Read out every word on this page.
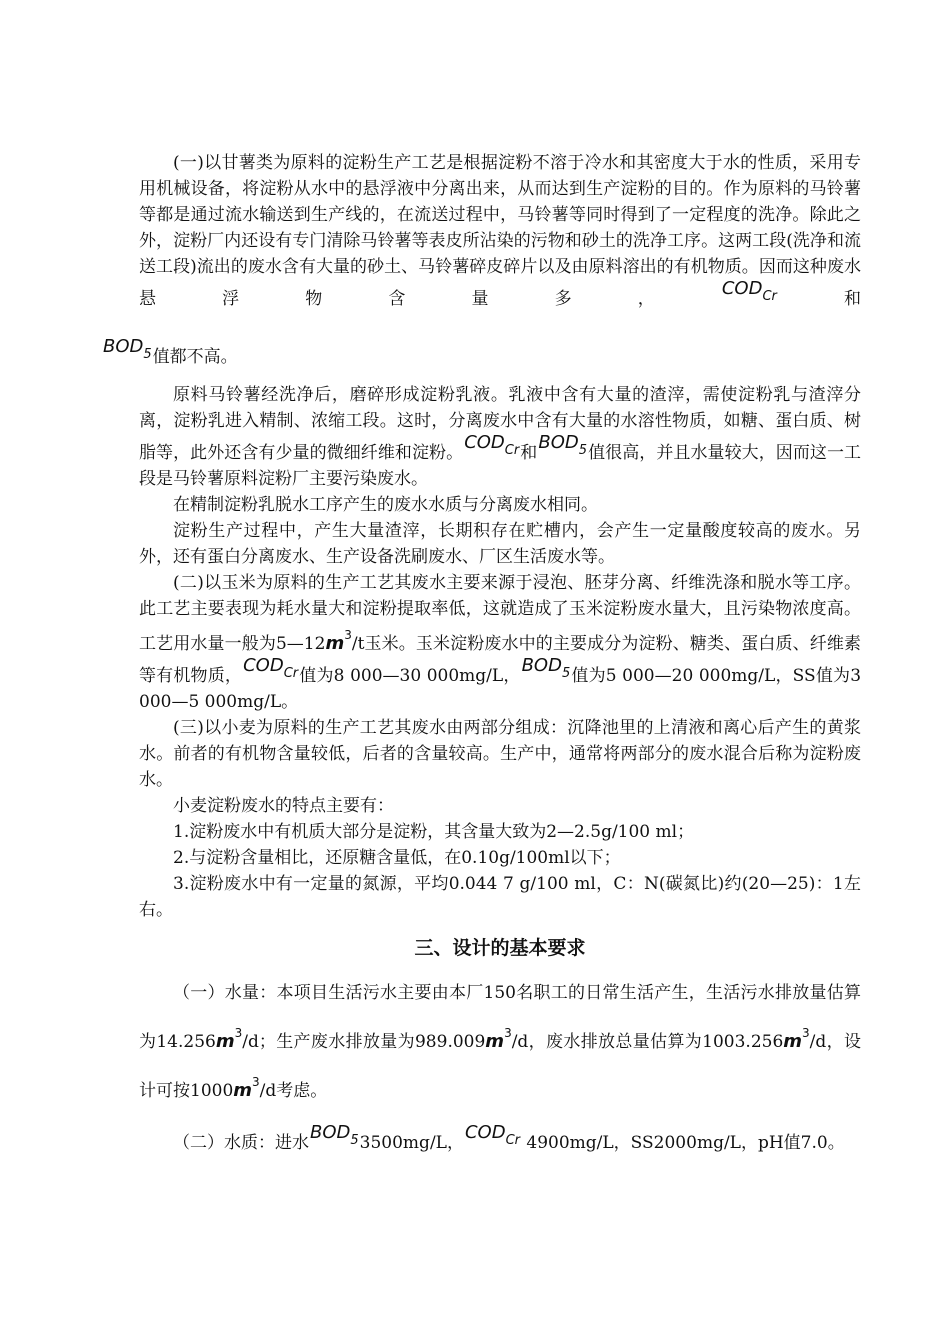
(一)以甘薯类为原料的淀粉生产工艺是根据淀粉不溶于冷水和其密度大于水的性质，采用专用机械设备，将淀粉从水中的悬浮液中分离出来，从而达到生产淀粉的目的。作为原料的马铃薯等都是通过流水输送到生产线的，在流送过程中，马铃薯等同时得到了一定程度的洗净。除此之外，淀粉厂内还设有专门清除马铃薯等表皮所沾染的污物和砂土的洗净工序。这两工段(洗净和流送工段)流出的废水含有大量的砂土、马铃薯碎皮碎片以及由原料溶出的有机物质。因而这种废水悬浮物含量多，$COD_{Cr}$和$BOD_5$值都不高。

原料马铃薯经洗净后，磨碎形成淀粉乳液。乳液中含有大量的渣滓，需使淀粉乳与渣滓分离，淀粉乳进入精制、浓缩工段。这时，分离废水中含有大量的水溶性物质，如糖、蛋白质、树脂等，此外还含有少量的微细纤维和淀粉。$COD_{Cr}$和$BOD_5$值很高，并且水量较大，因而这一工段是马铃薯原料淀粉厂主要污染废水。

在精制淀粉乳脱水工序产生的废水水质与分离废水相同。

淀粉生产过程中，产生大量渣滓，长期积存在贮槽内，会产生一定量酸度较高的废水。另外，还有蛋白分离废水、生产设备洗刷废水、厂区生活废水等。

(二)以玉米为原料的生产工艺其废水主要来源于浸泡、胚芽分离、纤维洗涤和脱水等工序。此工艺主要表现为耗水量大和淀粉提取率低，这就造成了玉米淀粉废水量大，且污染物浓度高。工艺用水量一般为$5—12m^3/t$玉米。玉米淀粉废水中的主要成分为淀粉、糖类、蛋白质、纤维素等有机物质，$COD_{Cr}$值为8 000—30 000mg/L，$BOD_5$值为5 000—20 000mg/L，SS值为3 000—5 000mg/L。

(三)以小麦为原料的生产工艺其废水由两部分组成：沉降池里的上清液和离心后产生的黄浆水。前者的有机物含量较低，后者的含量较高。生产中，通常将两部分的废水混合后称为淀粉废水。

小麦淀粉废水的特点主要有：

1.淀粉废水中有机质大部分是淀粉，其含量大致为2—2.5g/100 ml；

2.与淀粉含量相比，还原糖含量低，在0.10g/100ml以下；

3.淀粉废水中有一定量的氮源，平均0.044 7 g/100 ml，C：N(碳氮比)约(20—25)：1左右。

三、设计的基本要求

（一）水量：本项目生活污水主要由本厂150名职工的日常生活产生，生活污水排放量估算为$14.256m^3/d$；生产废水排放量为$989.009m^3/d$，废水排放总量估算为$1003.256m^3/d$，设计可按$1000m^3/d$考虑。

（二）水质：进水$BOD_53500mg/L$，$COD_{Cr}$ 4900mg/L，SS2000mg/L，pH值7.0。
